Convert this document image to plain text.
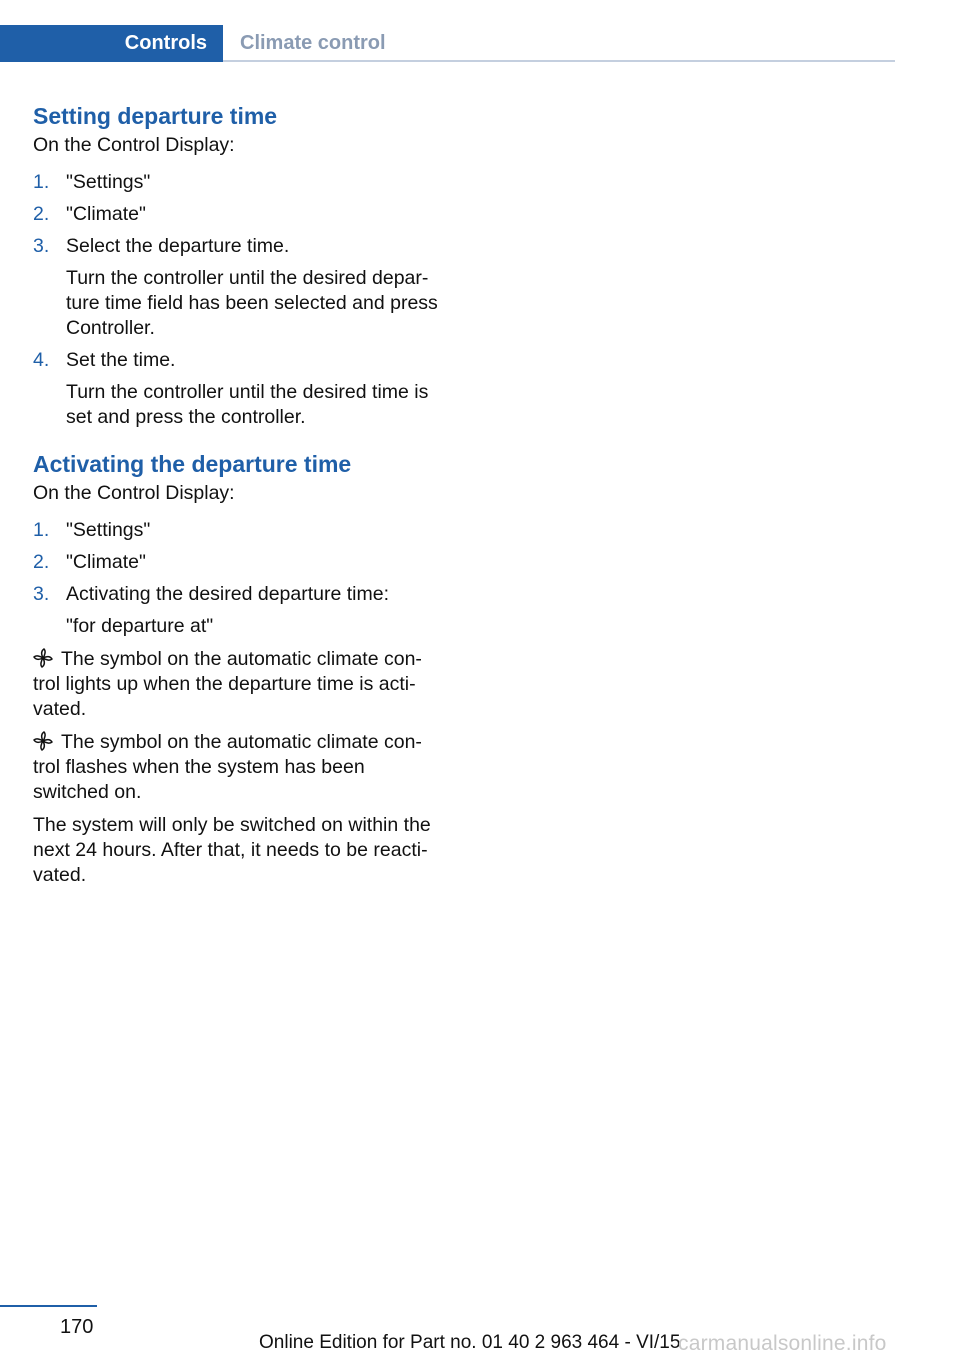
Controls	Climate control
Setting departure time
On the Control Display:
1. "Settings"
2. "Climate"
3. Select the departure time.
Turn the controller until the desired depar-
ture time field has been selected and press
Controller.
4. Set the time.
Turn the controller until the desired time is
set and press the controller.
Activating the departure time
On the Control Display:
1. "Settings"
2. "Climate"
3. Activating the desired departure time:
"for departure at"
The symbol on the automatic climate con-
trol lights up when the departure time is acti-
vated.
The symbol on the automatic climate con-
trol flashes when the system has been
switched on.
The system will only be switched on within the
next 24 hours. After that, it needs to be reacti-
vated.
170
Online Edition for Part no. 01 40 2 963 464 - VI/15
carmanualsonline.info
